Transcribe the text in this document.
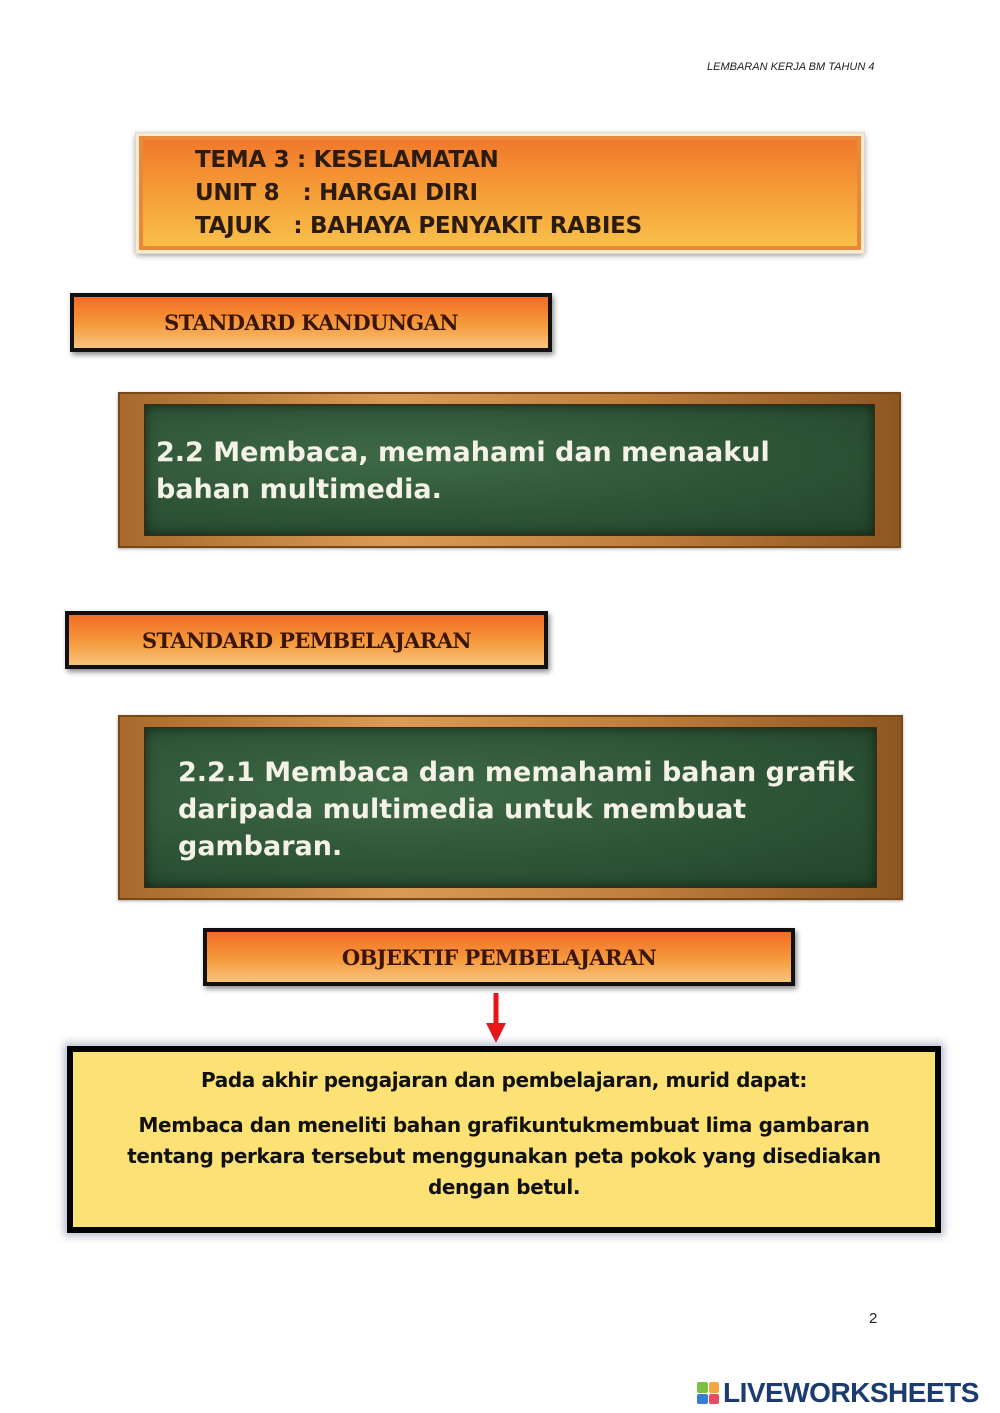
LEMBARAN KERJA BM TAHUN 4
TEMA 3 : KESELAMATAN
UNIT 8   : HARGAI DIRI
TAJUK   : BAHAYA PENYAKIT RABIES
STANDARD KANDUNGAN
2.2 Membaca, memahami dan menaakul
bahan multimedia.
STANDARD PEMBELAJARAN
2.2.1 Membaca dan memahami bahan grafik
daripada multimedia untuk membuat
gambaran.
OBJEKTIF PEMBELAJARAN
Pada akhir pengajaran dan pembelajaran, murid dapat:
Membaca dan meneliti bahan grafikuntukmembuat lima gambaran
tentang perkara tersebut menggunakan peta pokok yang disediakan
dengan betul.
2
LIVEWORKSHEETS
